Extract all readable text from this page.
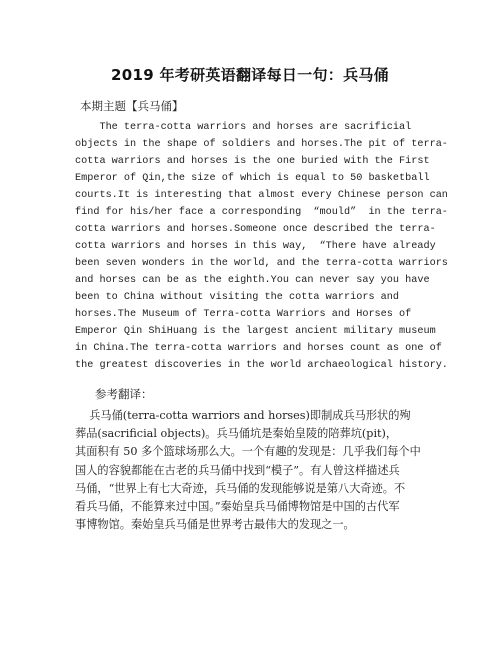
2019 年考研英语翻译每日一句：兵马俑
本期主题【兵马俑】
The terra-cotta warriors and horses are sacrificial
objects in the shape of soldiers and horses.The pit of terra-
cotta warriors and horses is the one buried with the First
Emperor of Qin,the size of which is equal to 50 basketball
courts.It is interesting that almost every Chinese person can
find for his/her face a corresponding  “mould”  in the terra-
cotta warriors and horses.Someone once described the terra-
cotta warriors and horses in this way,  “There have already
been seven wonders in the world, and the terra-cotta warriors
and horses can be as the eighth.You can never say you have
been to China without visiting the cotta warriors and
horses.The Museum of Terra-cotta Warriors and Horses of
Emperor Qin ShiHuang is the largest ancient military museum
in China.The terra-cotta warriors and horses count as one of
the greatest discoveries in the world archaeological history.
参考翻译：
兵马俑(terra-cotta warriors and horses)即制成兵马形状的殉
葬品(sacrificial objects)。兵马俑坑是秦始皇陵的陪葬坑(pit)，
其面积有 50 多个篮球场那么大。一个有趣的发现是：几乎我们每个中
国人的容貌都能在古老的兵马俑中找到“模子”。有人曾这样描述兵
马俑，“世界上有七大奇迹，兵马俑的发现能够说是第八大奇迹。不
看兵马俑，不能算来过中国。”秦始皇兵马俑博物馆是中国的古代军
事博物馆。秦始皇兵马俑是世界考古最伟大的发现之一。
